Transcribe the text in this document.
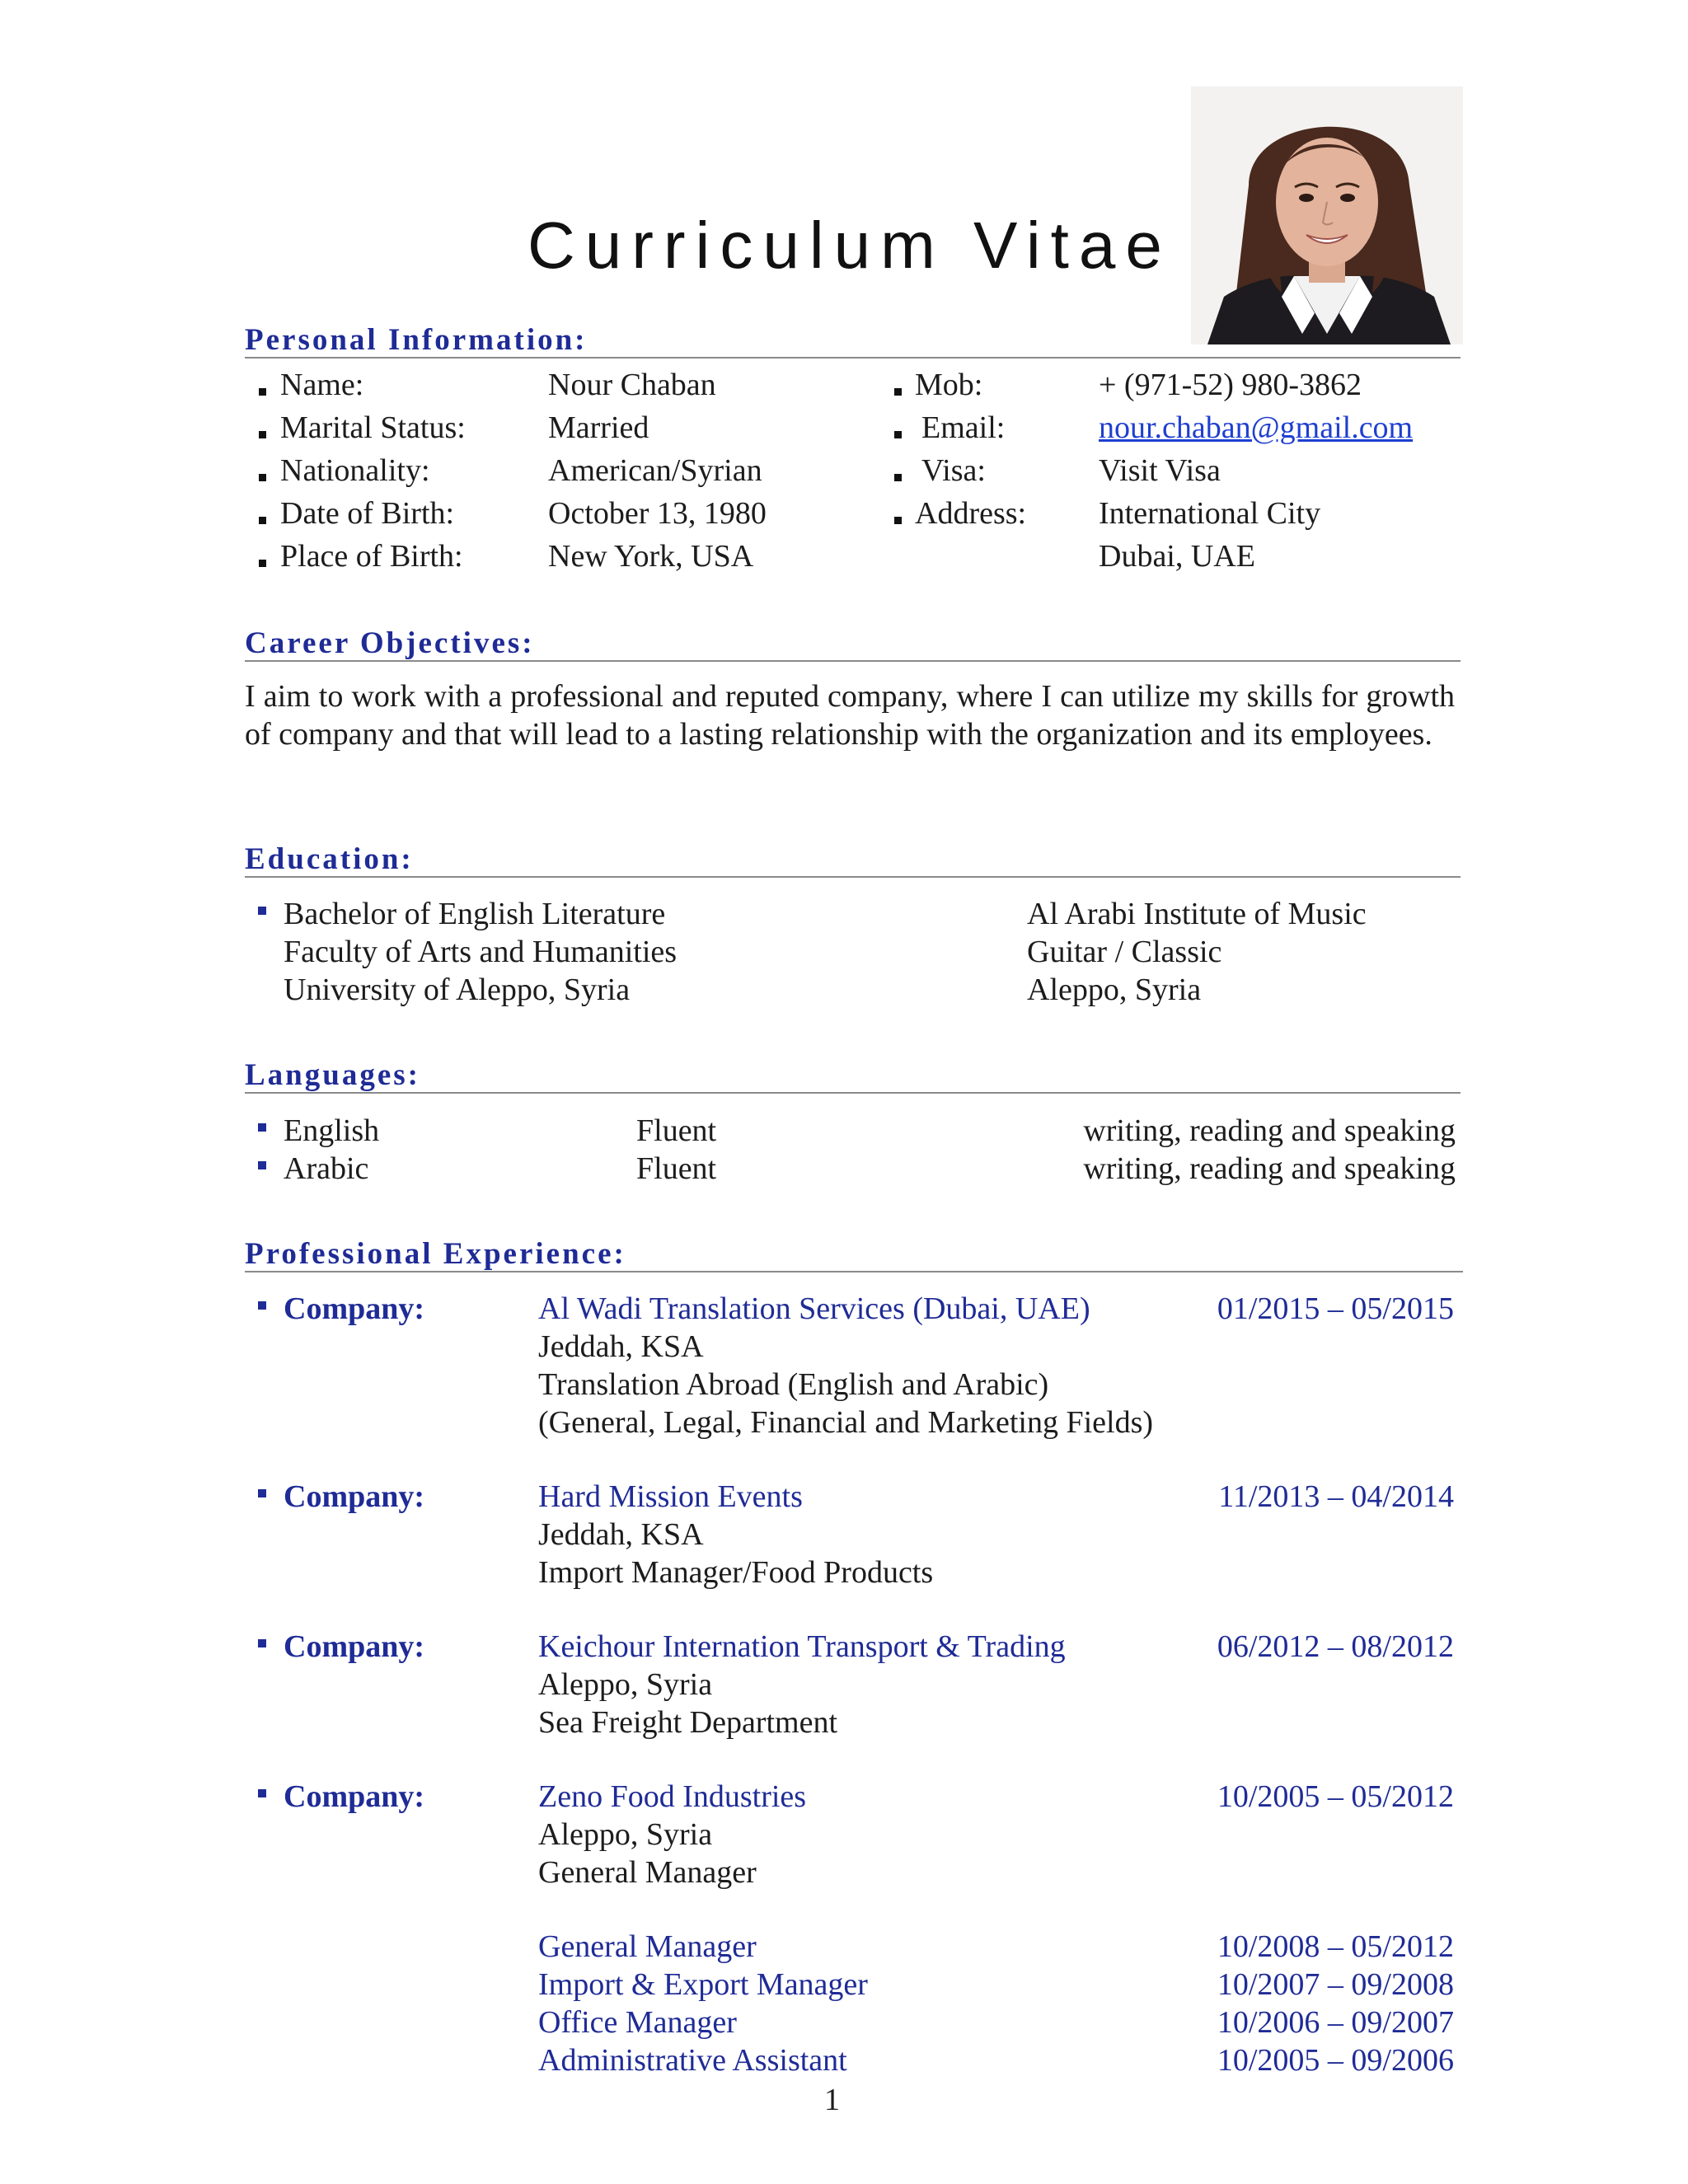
Curriculum Vitae
Personal Information:
Name:	Nour Chaban
Marital Status:	Married
Nationality:	American/Syrian
Date of Birth:	October 13, 1980
Place of Birth:	New York, USA
Mob:	+ (971-52) 980-3862
Email:	nour.chaban@gmail.com
Visa:	Visit Visa
Address: International City
Dubai, UAE
Career Objectives:
I aim to work with a professional and reputed company, where I can utilize my skills for growth of company and that will lead to a lasting relationship with the organization and its employees.
Education:
Bachelor of English Literature
Faculty of Arts and Humanities
University of Aleppo, Syria
Al Arabi Institute of Music
Guitar / Classic
Aleppo, Syria
Languages:
English	Fluent	writing, reading and speaking
Arabic	Fluent	writing, reading and speaking
Professional Experience:
Company:	Al Wadi Translation Services (Dubai, UAE)	01/2015 – 05/2015
Jeddah, KSA
Translation Abroad (English and Arabic)
(General, Legal, Financial and Marketing Fields)
Company:	Hard Mission Events	11/2013 – 04/2014
Jeddah, KSA
Import Manager/Food Products
Company:	Keichour Internation Transport & Trading	06/2012 – 08/2012
Aleppo, Syria
Sea Freight Department
Company:	Zeno Food Industries	10/2005 – 05/2012
Aleppo, Syria
General Manager
General Manager	10/2008 – 05/2012
Import & Export Manager	10/2007 – 09/2008
Office Manager	10/2006 – 09/2007
Administrative Assistant	10/2005 – 09/2006
1
